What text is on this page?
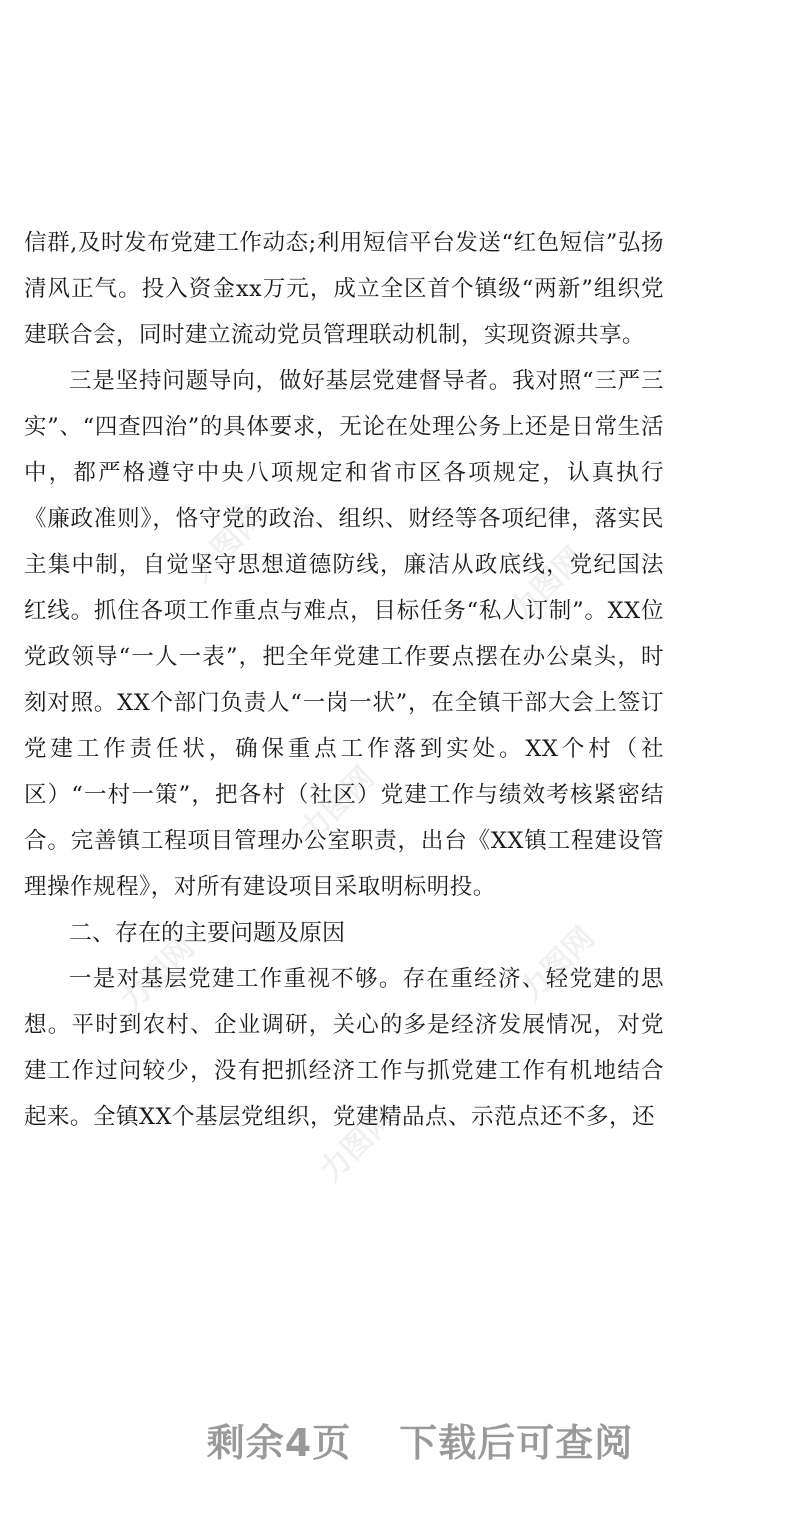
力图网	力图网
力图网
力图网	力图网
力图网

信群,及时发布党建工作动态;利用短信平台发送“红色短信”弘扬清风正气。投入资金xx万元，成立全区首个镇级“两新”组织党建联合会，同时建立流动党员管理联动机制，实现资源共享。

三是坚持问题导向，做好基层党建督导者。我对照“三严三实”、“四查四治”的具体要求，无论在处理公务上还是日常生活中，都严格遵守中央八项规定和省市区各项规定，认真执行《廉政准则》，恪守党的政治、组织、财经等各项纪律，落实民主集中制，自觉坚守思想道德防线，廉洁从政底线，党纪国法红线。抓住各项工作重点与难点，目标任务“私人订制”。XX位党政领导“一人一表”，把全年党建工作要点摆在办公桌头，时刻对照。XX个部门负责人“一岗一状”，在全镇干部大会上签订党建工作责任状，确保重点工作落到实处。XX个村（社区）“一村一策”，把各村（社区）党建工作与绩效考核紧密结合。完善镇工程项目管理办公室职责，出台《XX镇工程建设管理操作规程》，对所有建设项目采取明标明投。

二、存在的主要问题及原因

一是对基层党建工作重视不够。存在重经济、轻党建的思想。平时到农村、企业调研，关心的多是经济发展情况，对党建工作过问较少，没有把抓经济工作与抓党建工作有机地结合起来。全镇XX个基层党组织，党建精品点、示范点还不多，还

剩余4页 下载后可查阅
